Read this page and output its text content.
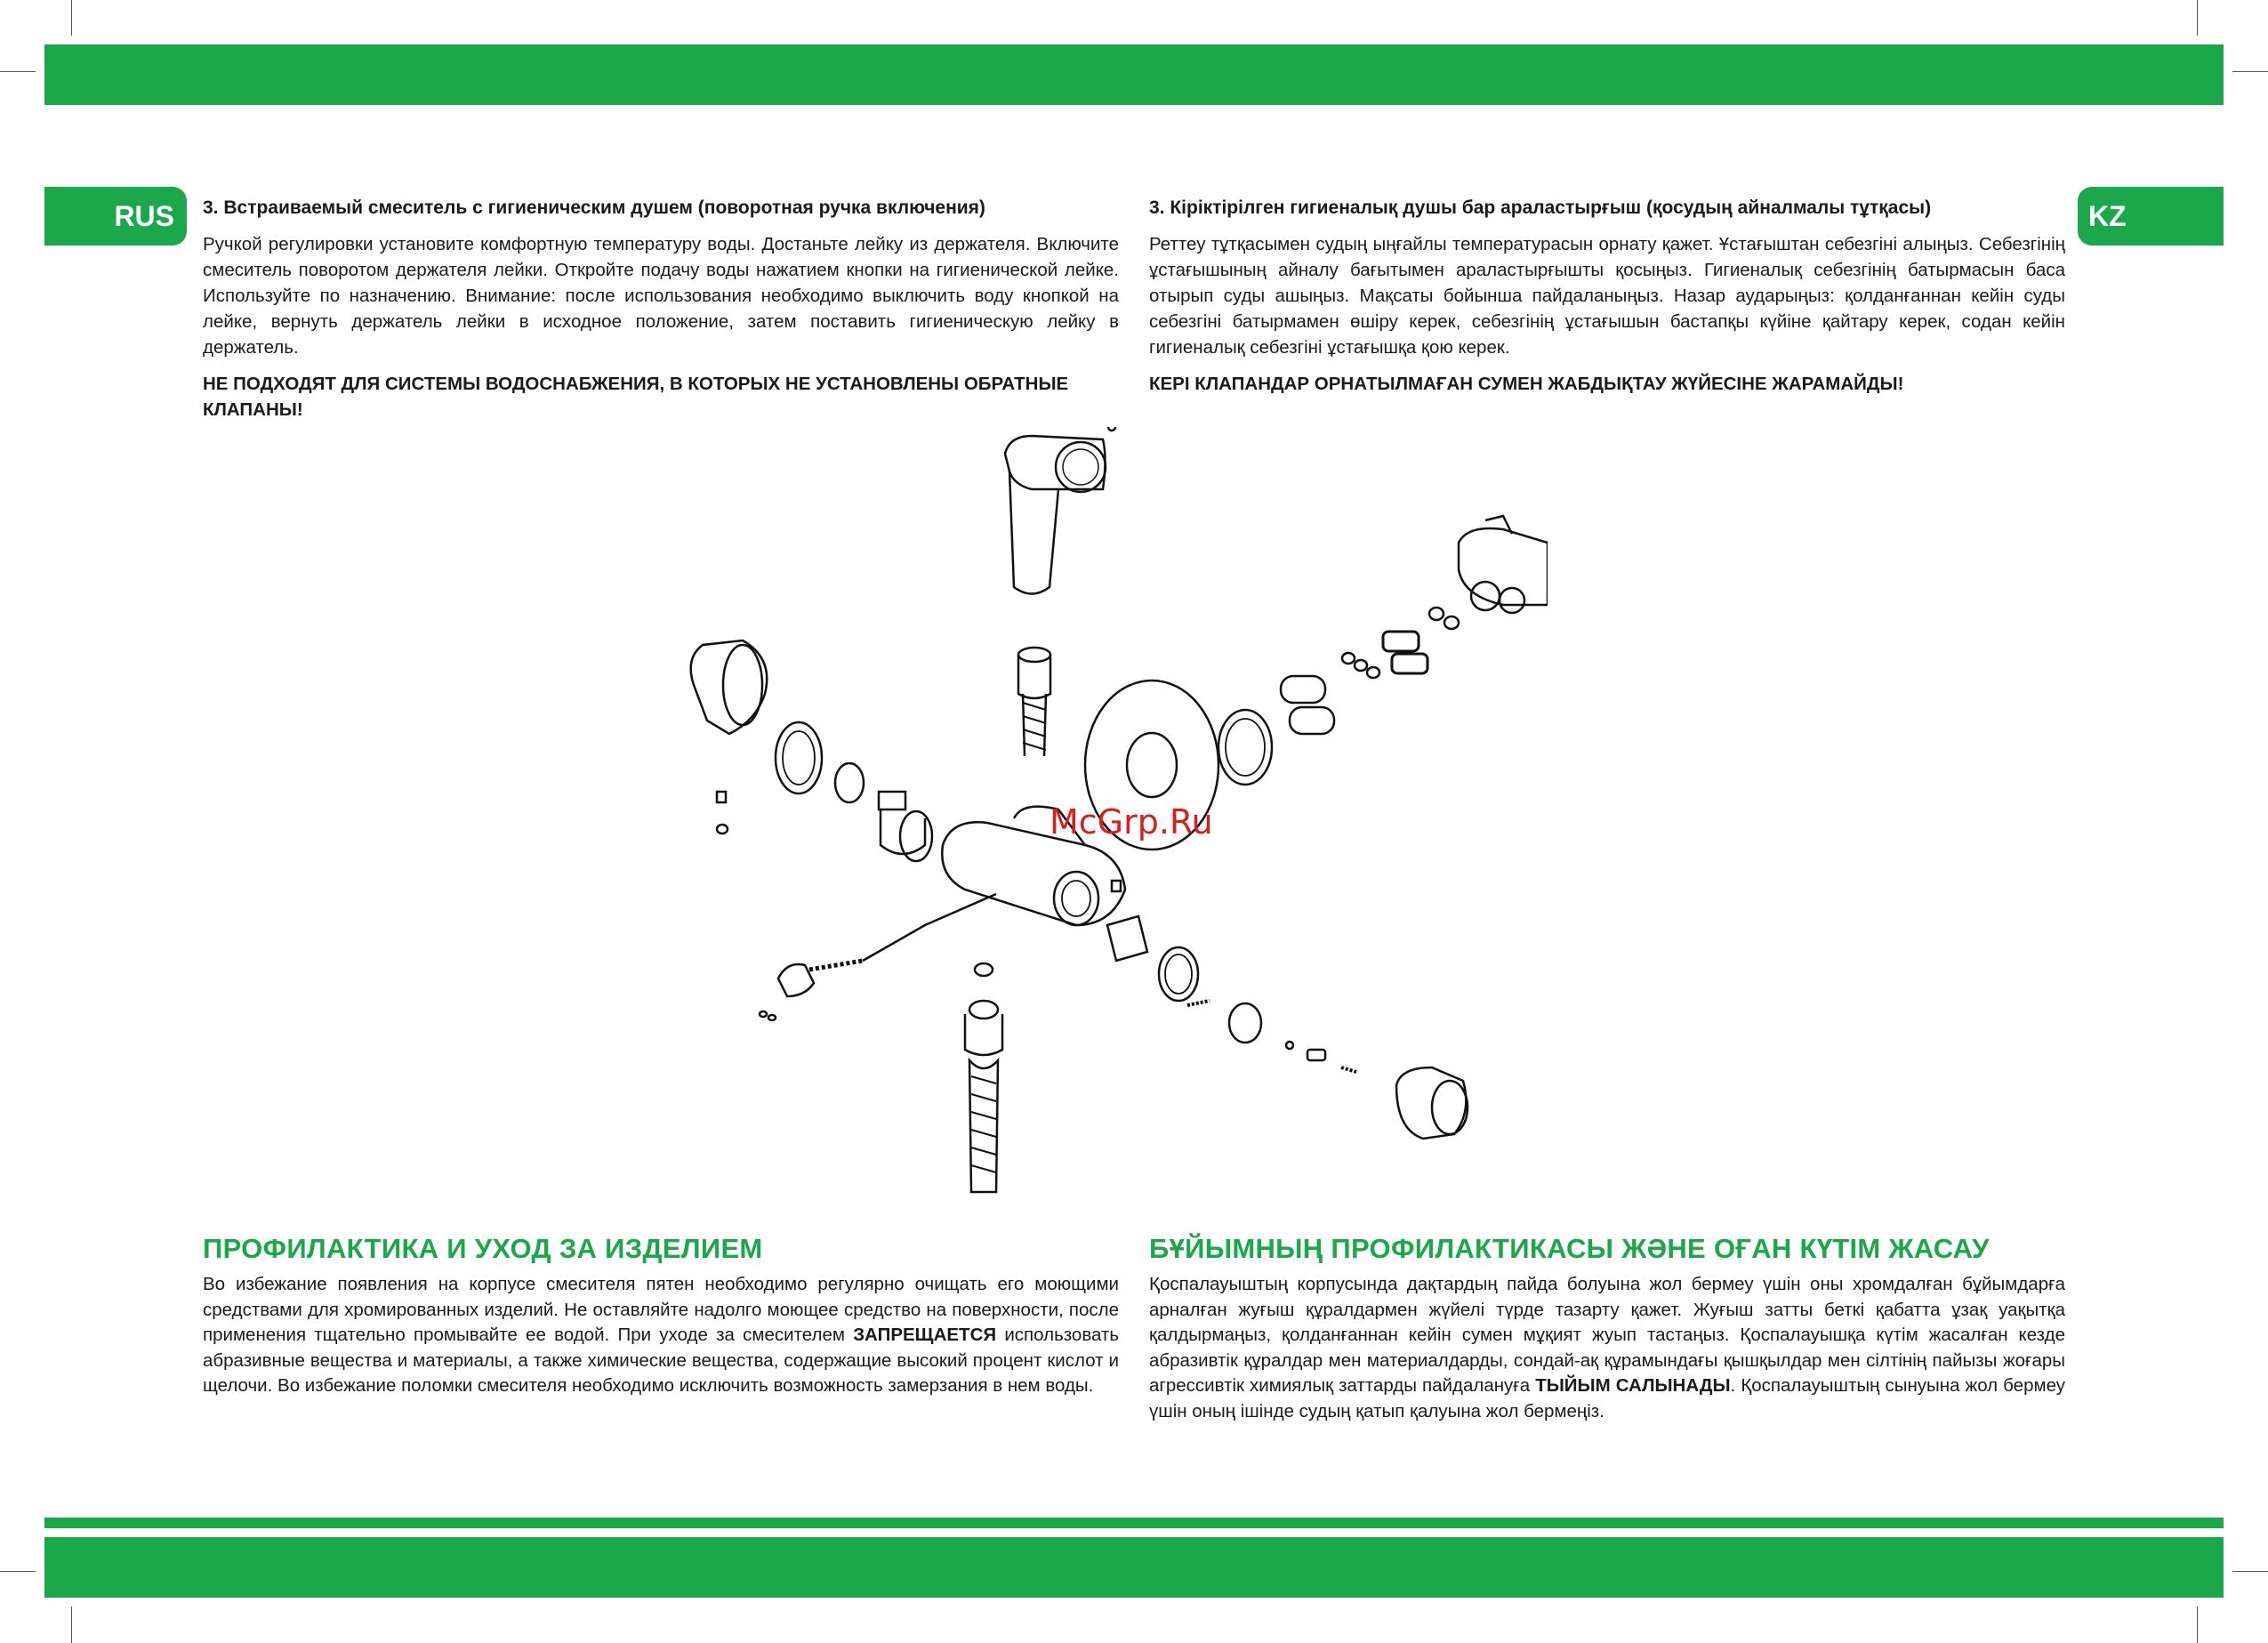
RUS	KZ

3. Встраиваемый смеситель с гигиеническим душем (поворотная ручка включения)

Ручкой регулировки установите комфортную температуру воды. Достаньте лейку из держателя. Включите смеситель поворотом держателя лейки. Откройте подачу воды нажатием кнопки на гигиенической лейке. Используйте по назначению. Внимание: после использования необходимо выключить воду кнопкой на лейке, вернуть держатель лейки в исходное положение, затем поставить гигиеническую лейку в держатель.

НЕ ПОДХОДЯТ ДЛЯ СИСТЕМЫ ВОДОСНАБЖЕНИЯ, В КОТОРЫХ НЕ УСТАНОВЛЕНЫ ОБРАТНЫЕ КЛАПАНЫ!

3. Кіріктірілген гигиеналық душы бар араластырғыш (қосудың айналмалы тұтқасы)

Реттеу тұтқасымен судың ыңғайлы температурасын орнату қажет. Ұстағыштан себезгіні алыңыз. Себезгінің ұстағышының айналу бағытымен араластырғышты қосыңыз. Гигиеналық себезгінің батырмасын баса отырып суды ашыңыз. Мақсаты бойынша пайдаланыңыз. Назар аударыңыз: қолданғаннан кейін суды себезгіні батырмамен өшіру керек, себезгінің ұстағышын бастапқы күйіне қайтару керек, содан кейін гигиеналық себезгіні ұстағышқа қою керек.

КЕРІ КЛАПАНДАР ОРНАТЫЛМАҒАН СУМЕН ЖАБДЫҚТАУ ЖҮЙЕСІНЕ ЖАРАМАЙДЫ!

McGrp.Ru
ПРОФИЛАКТИКА И УХОД ЗА ИЗДЕЛИЕМ

Во избежание появления на корпусе смесителя пятен необходимо регулярно очищать его моющими средствами для хромированных изделий. Не оставляйте надолго моющее средство на поверхности, после применения тщательно промывайте ее водой. При уходе за смесителем ЗАПРЕЩАЕТСЯ использовать абразивные вещества и материалы, а также химические вещества, содержащие высокий процент кислот и щелочи. Во избежание поломки смесителя необходимо исключить возможность замерзания в нем воды.

БҰЙЫМНЫҢ ПРОФИЛАКТИКАСЫ ЖӘНЕ ОҒАН КҮТІМ ЖАСАУ

Қоспалауыштың корпусында дақтардың пайда болуына жол бермеу үшін оны хромдалған бұйымдарға арналған жуғыш құралдармен жүйелі түрде тазарту қажет. Жуғыш затты беткі қабатта ұзақ уақытқа қалдырмаңыз, қолданғаннан кейін сумен мұқият жуып тастаңыз. Қоспалауышқа күтім жасалған кезде абразивтік құралдар мен материалдарды, сондай-ақ құрамындағы қышқылдар мен сілтінің пайызы жоғары агрессивтік химиялық заттарды пайдалануға ТЫЙЫМ САЛЫНАДЫ. Қоспалауыштың сынуына жол бермеу үшін оның ішінде судың қатып қалуына жол бермеңіз.
